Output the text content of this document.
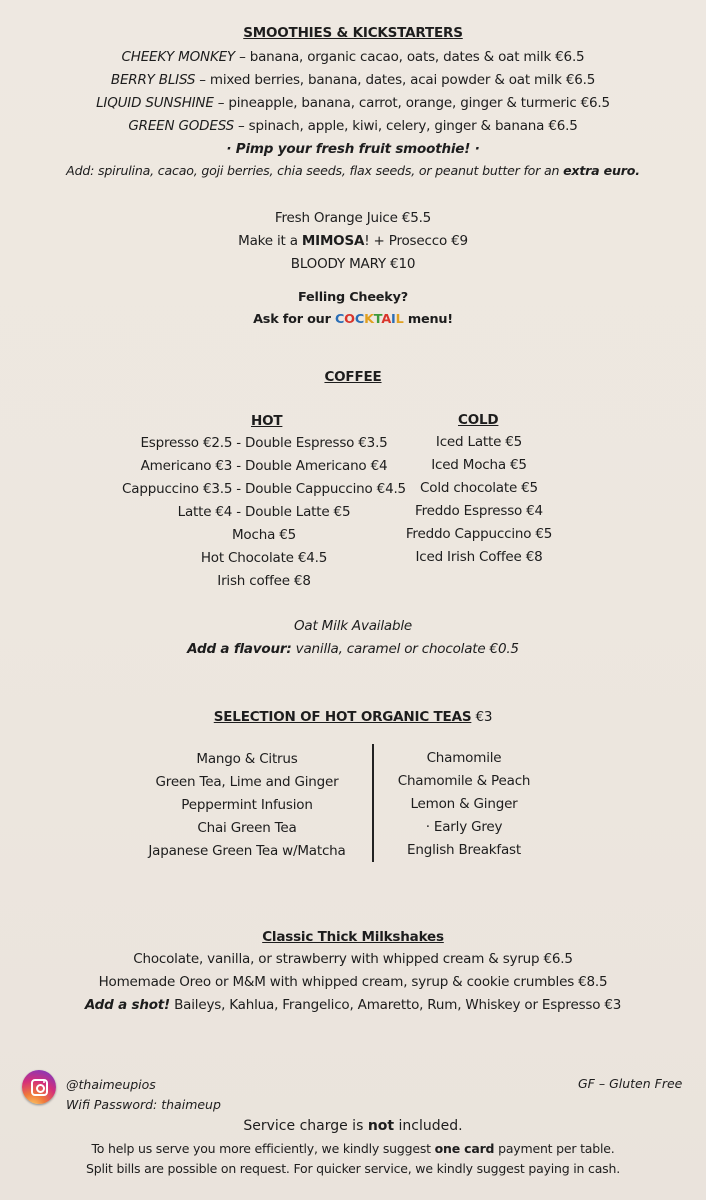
SMOOTHIES & KICKSTARTERS
CHEEKY MONKEY – banana, organic cacao, oats, dates & oat milk €6.5
BERRY BLISS – mixed berries, banana, dates, acai powder & oat milk €6.5
LIQUID SUNSHINE – pineapple, banana, carrot, orange, ginger & turmeric €6.5
GREEN GODESS – spinach, apple, kiwi, celery, ginger & banana €6.5
· Pimp your fresh fruit smoothie! ·
Add: spirulina, cacao, goji berries, chia seeds, flax seeds, or peanut butter for an extra euro.
Fresh Orange Juice €5.5
Make it a MIMOSA! + Prosecco €9
BLOODY MARY €10
Felling Cheeky?
Ask for our COCKTAIL menu!
COFFEE
HOT	COLD
Espresso €2.5 - Double Espresso €3.5
Americano €3 - Double Americano €4
Cappuccino €3.5 - Double Cappuccino €4.5
Latte €4 - Double Latte €5
Mocha €5
Hot Chocolate €4.5
Irish coffee €8
Iced Latte €5
Iced Mocha €5
Cold chocolate €5
Freddo Espresso €4
Freddo Cappuccino €5
Iced Irish Coffee €8
Oat Milk Available
Add a flavour: vanilla, caramel or chocolate €0.5
SELECTION OF HOT ORGANIC TEAS €3
Mango & Citrus
Green Tea, Lime and Ginger
Peppermint Infusion
Chai Green Tea
Japanese Green Tea w/Matcha
Chamomile
Chamomile & Peach
Lemon & Ginger
· Early Grey
English Breakfast
Classic Thick Milkshakes
Chocolate, vanilla, or strawberry with whipped cream & syrup €6.5
Homemade Oreo or M&M with whipped cream, syrup & cookie crumbles €8.5
Add a shot! Baileys, Kahlua, Frangelico, Amaretto, Rum, Whiskey or Espresso €3
@thaimeupios
Wifi Password: thaimeup
GF – Gluten Free
Service charge is not included.
To help us serve you more efficiently, we kindly suggest one card payment per table.
Split bills are possible on request. For quicker service, we kindly suggest paying in cash.
